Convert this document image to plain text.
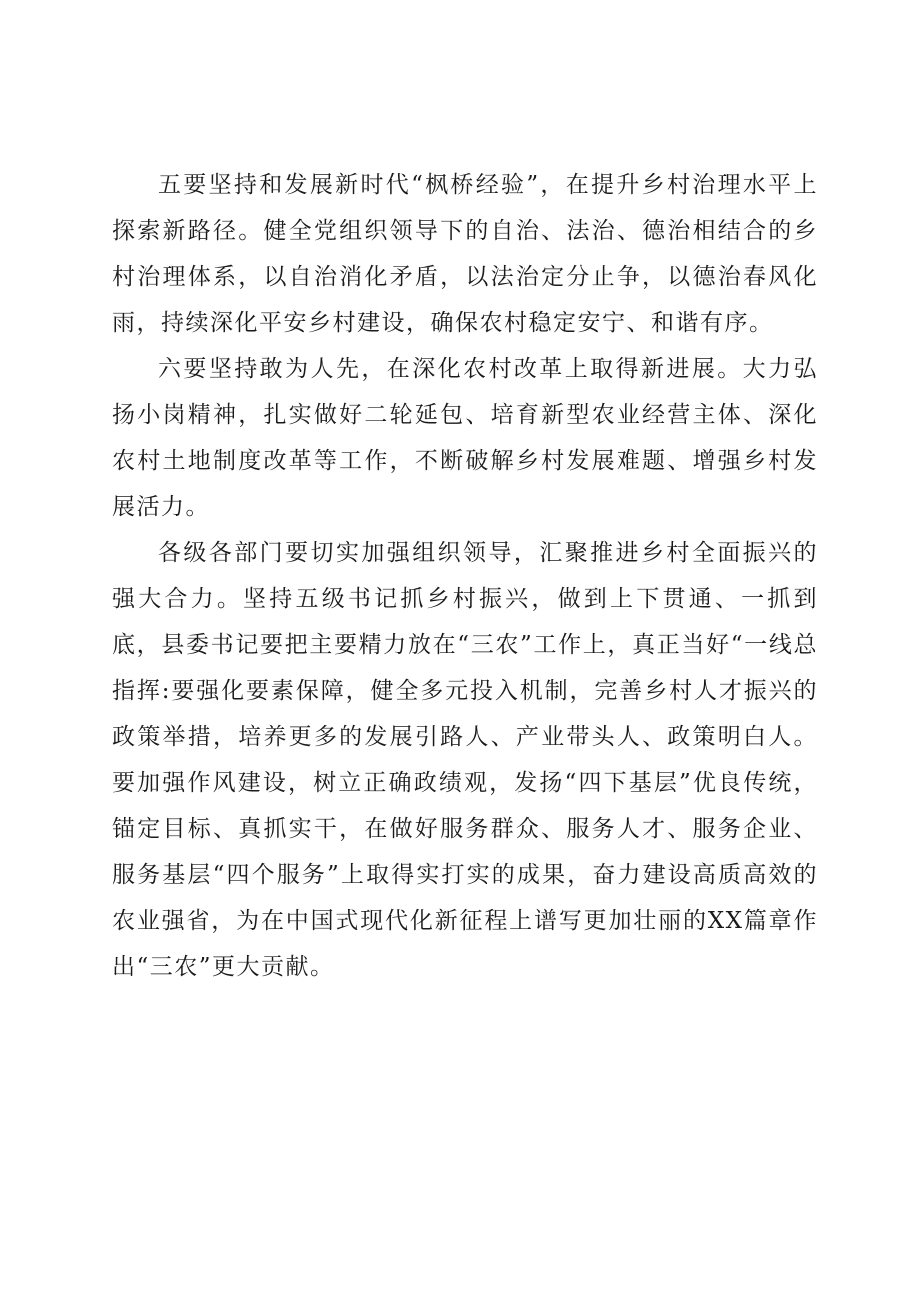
五要坚持和发展新时代“枫桥经验”，在提升乡村治理水平上探索新路径。健全党组织领导下的自治、法治、德治相结合的乡村治理体系，以自治消化矛盾，以法治定分止争，以德治春风化雨，持续深化平安乡村建设，确保农村稳定安宁、和谐有序。

六要坚持敢为人先，在深化农村改革上取得新进展。大力弘扬小岗精神，扎实做好二轮延包、培育新型农业经营主体、深化农村土地制度改革等工作，不断破解乡村发展难题、增强乡村发展活力。

各级各部门要切实加强组织领导，汇聚推进乡村全面振兴的强大合力。坚持五级书记抓乡村振兴，做到上下贯通、一抓到底，县委书记要把主要精力放在“三农”工作上，真正当好“一线总指挥:要强化要素保障，健全多元投入机制，完善乡村人才振兴的政策举措，培养更多的发展引路人、产业带头人、政策明白人。要加强作风建设，树立正确政绩观，发扬“四下基层”优良传统，锚定目标、真抓实干，在做好服务群众、服务人才、服务企业、服务基层“四个服务”上取得实打实的成果，奋力建设高质高效的农业强省，为在中国式现代化新征程上谱写更加壮丽的XX篇章作出“三农”更大贡献。
